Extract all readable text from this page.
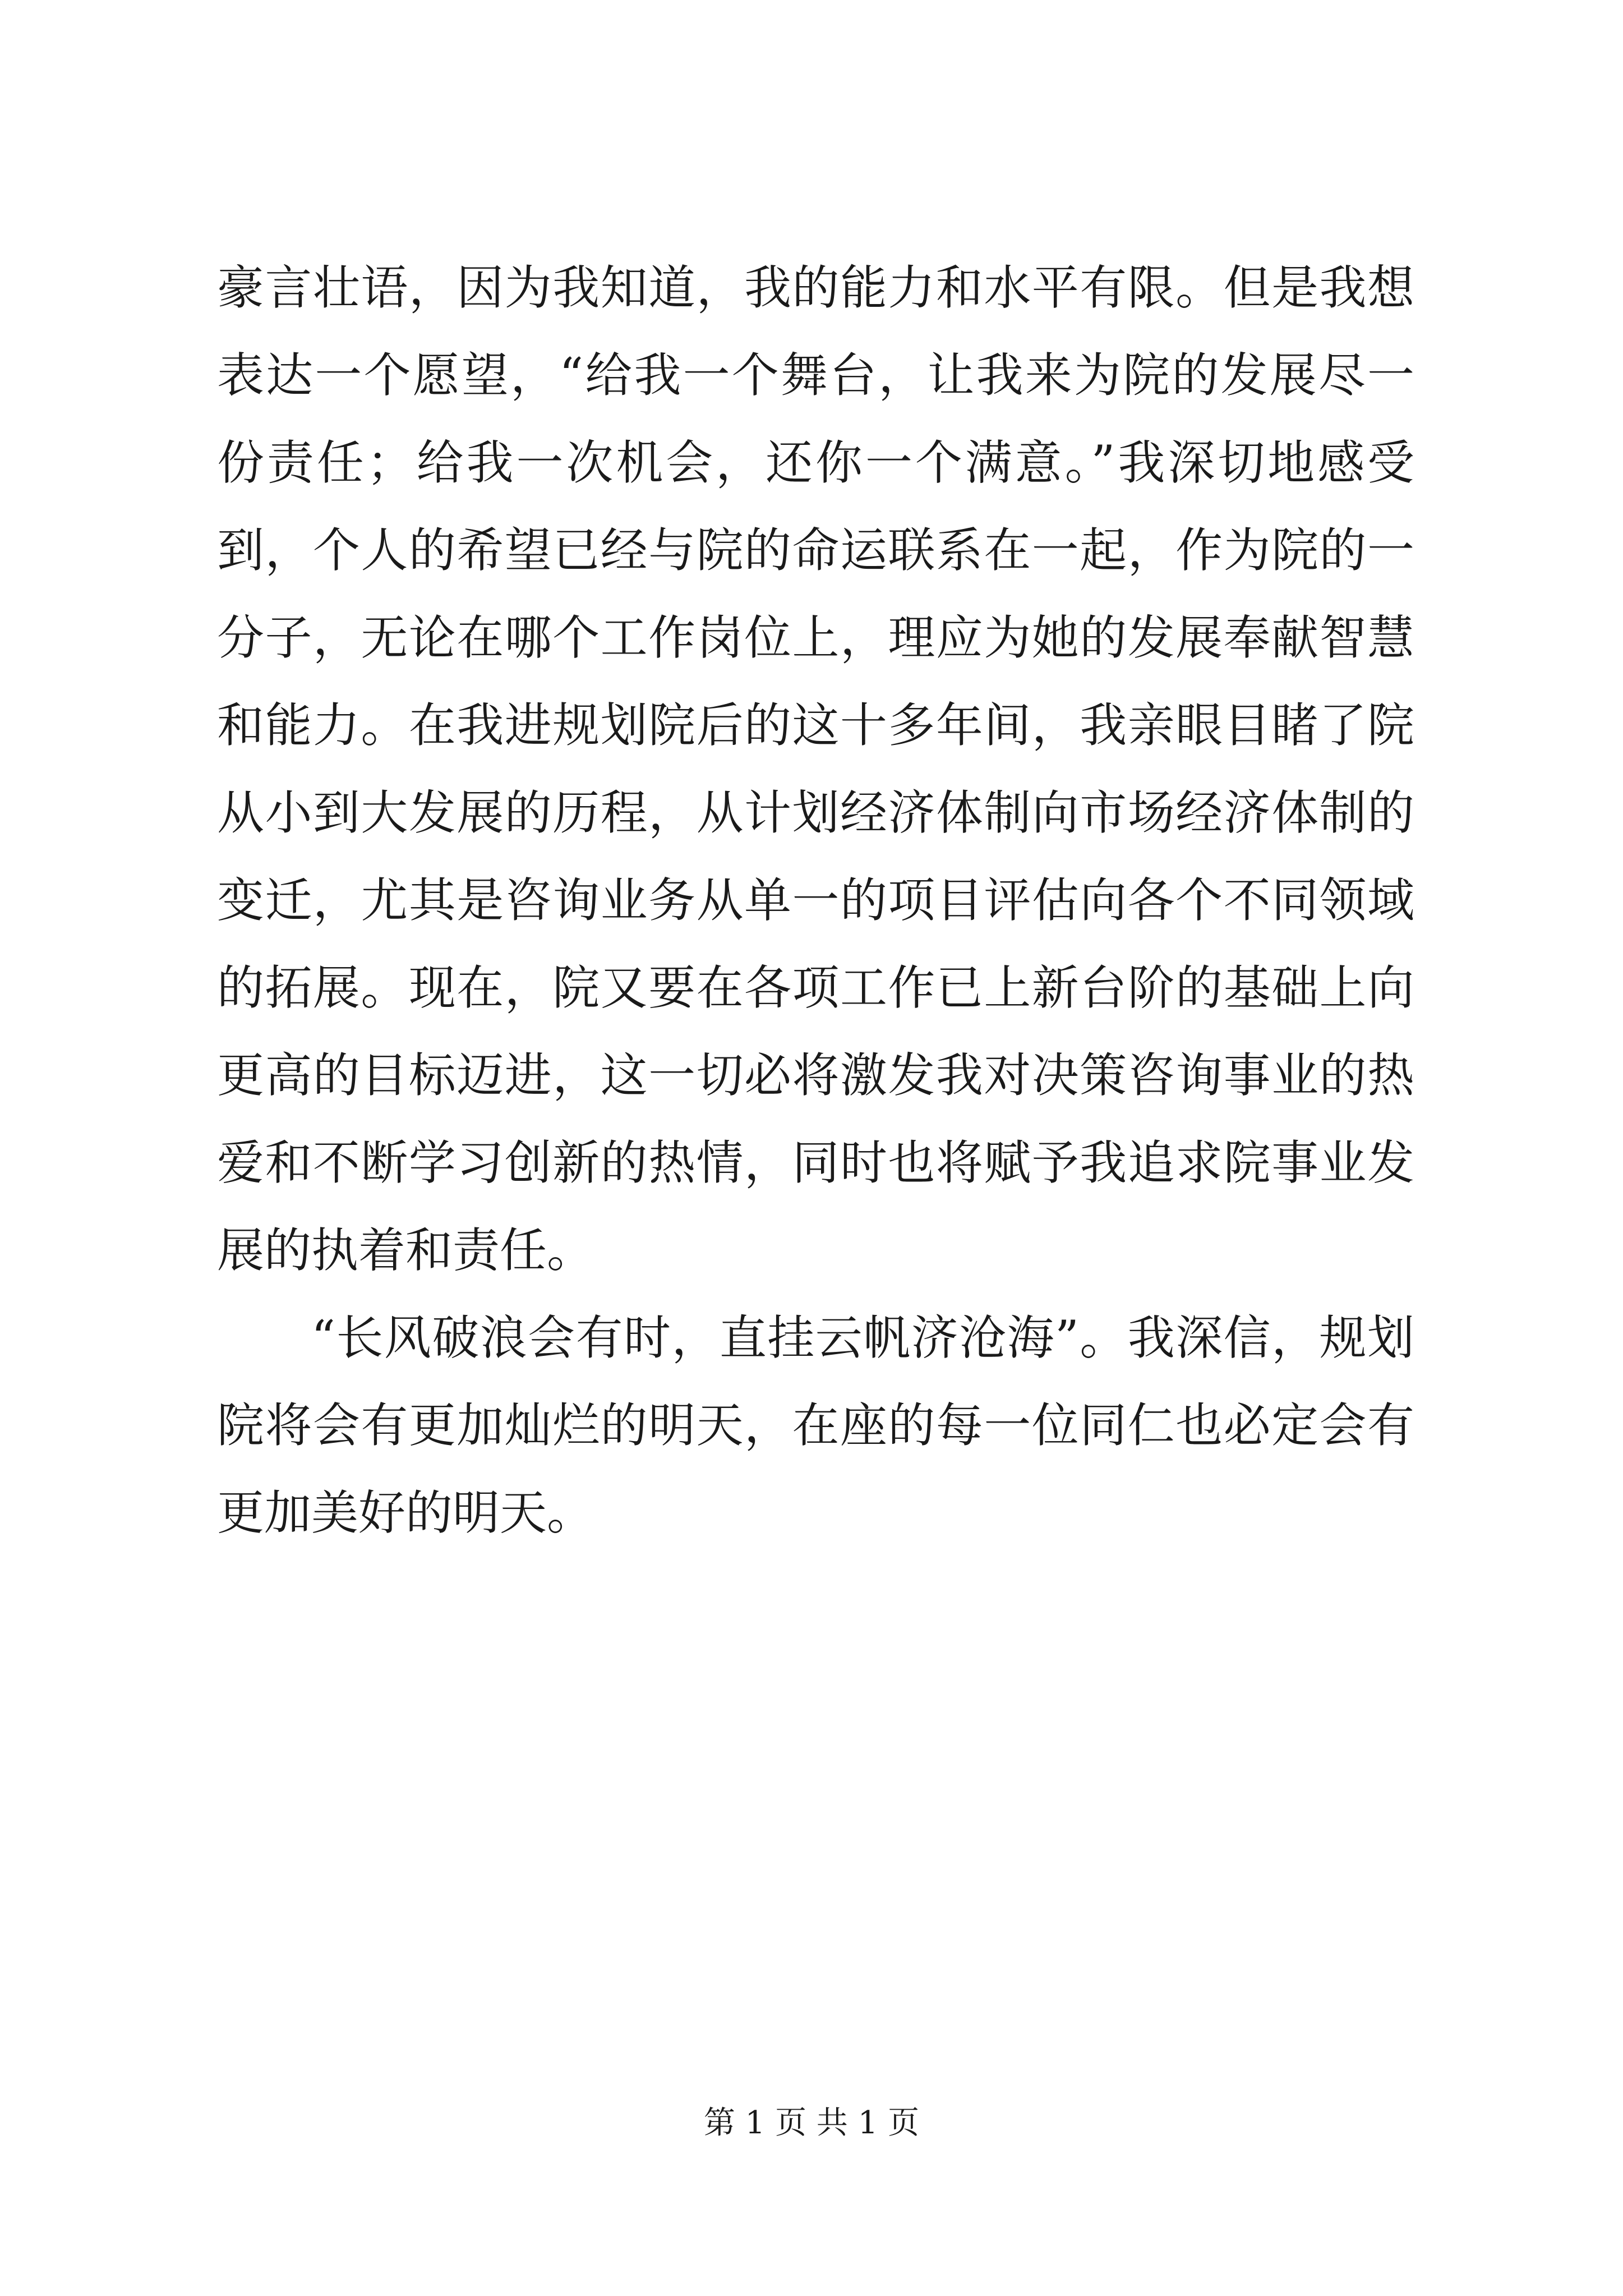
豪言壮语，因为我知道，我的能力和水平有限。但是我想表达一个愿望，“给我一个舞台，让我来为院的发展尽一份责任；给我一次机会，还你一个满意。”我深切地感受到，个人的希望已经与院的命运联系在一起，作为院的一分子，无论在哪个工作岗位上，理应为她的发展奉献智慧和能力。在我进规划院后的这十多年间，我亲眼目睹了院从小到大发展的历程，从计划经济体制向市场经济体制的变迁，尤其是咨询业务从单一的项目评估向各个不同领域的拓展。现在，院又要在各项工作已上新台阶的基础上向更高的目标迈进，这一切必将激发我对决策咨询事业的热爱和不断学习创新的热情，同时也将赋予我追求院事业发展的执着和责任。

“长风破浪会有时，直挂云帆济沧海”。我深信，规划院将会有更加灿烂的明天，在座的每一位同仁也必定会有更加美好的明天。

第 1 页 共 1 页
